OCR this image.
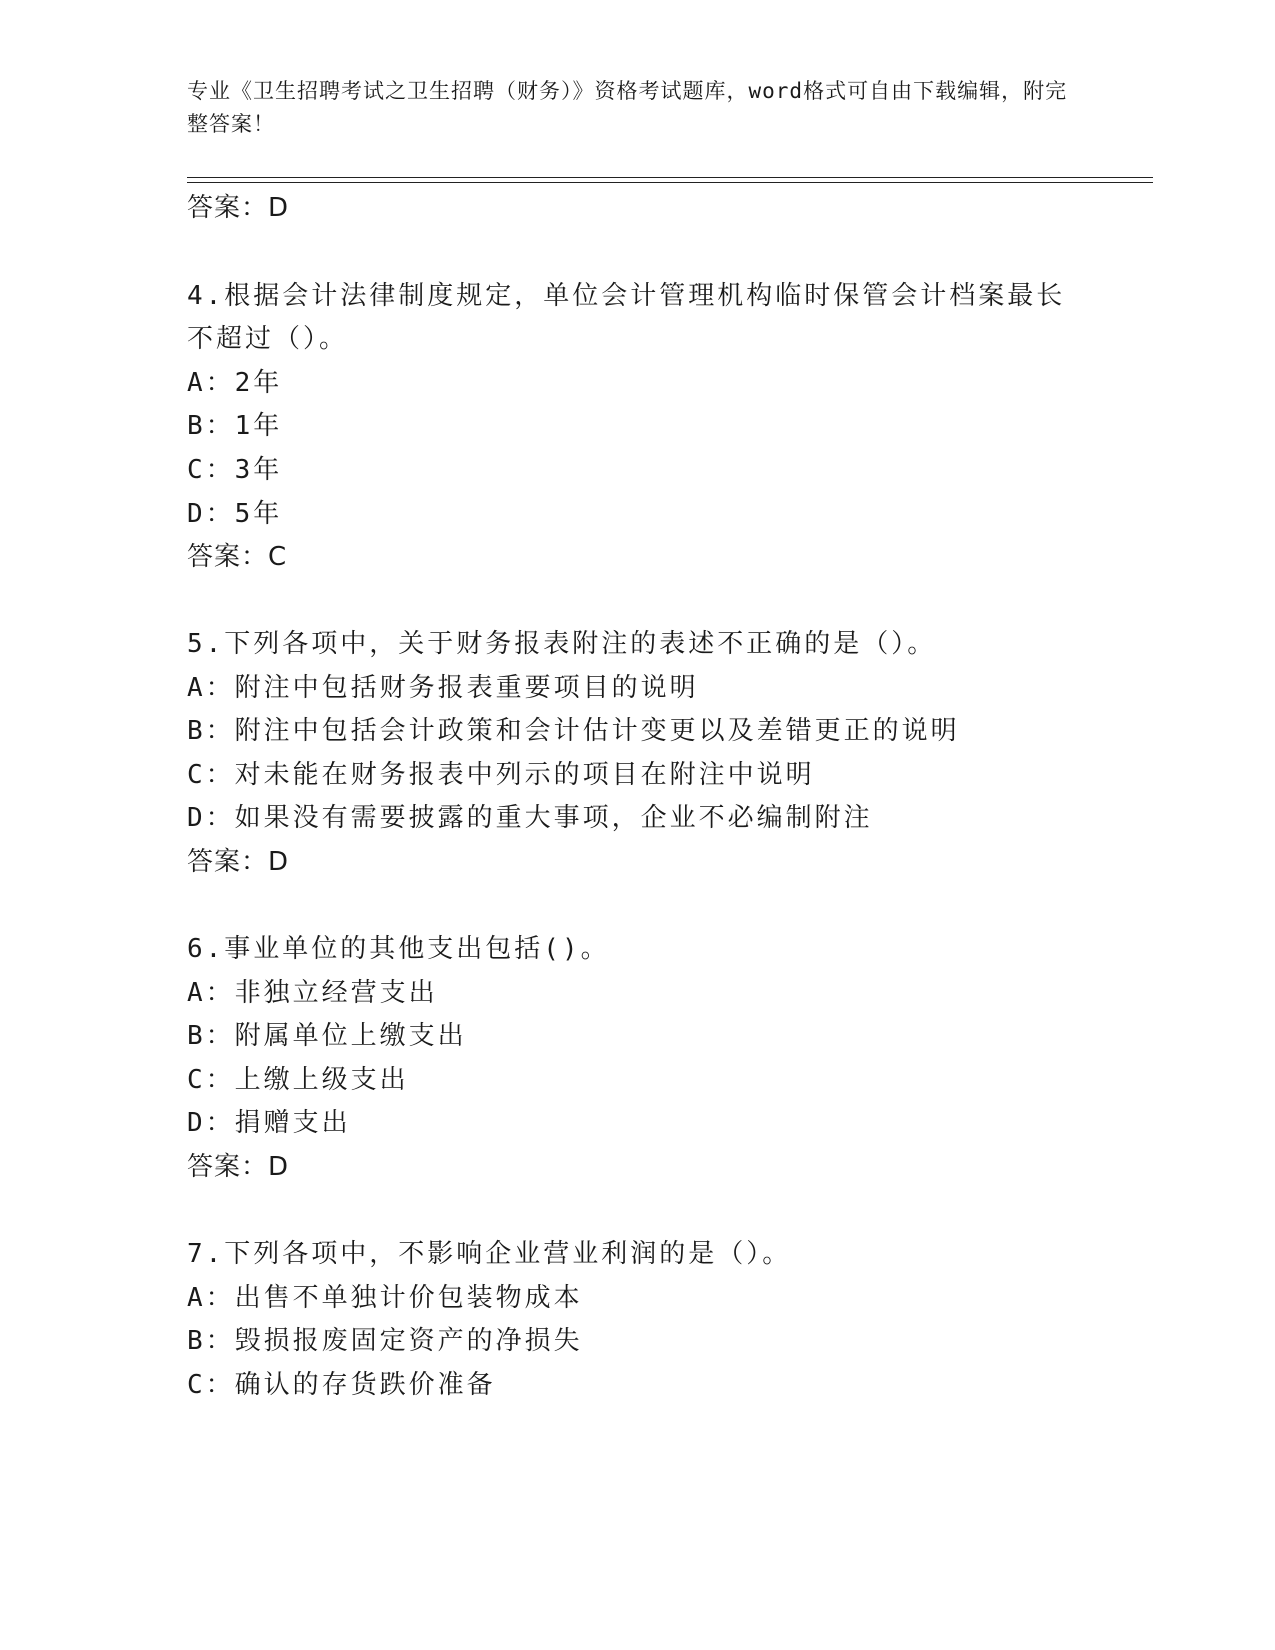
专业《卫生招聘考试之卫生招聘（财务）》资格考试题库，word格式可自由下载编辑，附完整答案！
答案：D
4.根据会计法律制度规定，单位会计管理机构临时保管会计档案最长
不超过（）。
A：2年
B：1年
C：3年
D：5年
答案：C
5.下列各项中，关于财务报表附注的表述不正确的是（）。
A：附注中包括财务报表重要项目的说明
B：附注中包括会计政策和会计估计变更以及差错更正的说明
C：对未能在财务报表中列示的项目在附注中说明
D：如果没有需要披露的重大事项，企业不必编制附注
答案：D
6.事业单位的其他支出包括()。
A：非独立经营支出
B：附属单位上缴支出
C：上缴上级支出
D：捐赠支出
答案：D
7.下列各项中，不影响企业营业利润的是（）。
A：出售不单独计价包装物成本
B：毁损报废固定资产的净损失
C：确认的存货跌价准备
